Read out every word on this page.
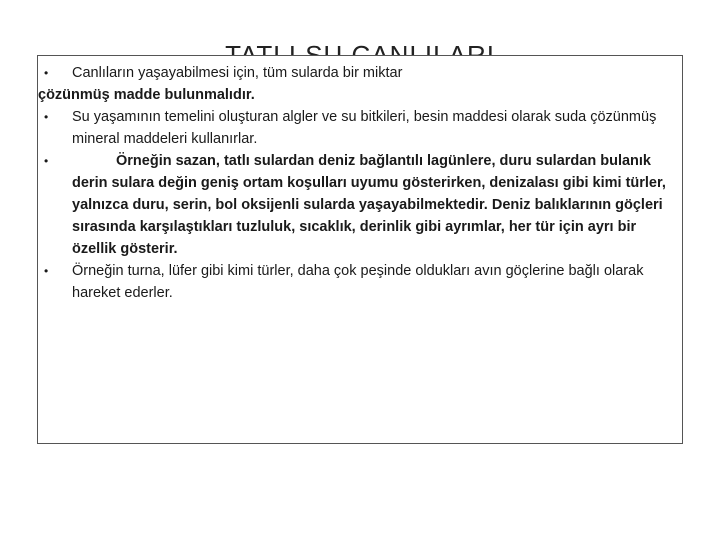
• Canlıların yaşayabilmesi için, tüm sularda bir miktar
çözünmüş madde bulunmalıdır.
• Su yaşamının temelini oluşturan algler ve su bitkileri, besin maddesi olarak suda çözünmüş mineral maddeleri kullanırlar.
•	Örneğin sazan, tatlı sulardan deniz bağlantılı lagünlere, duru sulardan bulanık derin sulara değin geniş ortam koşulları uyumu gösterirken, denizalası gibi kimi türler, yalnızca duru, serin, bol oksijenli sularda yaşayabilmektedir. Deniz balıklarının göçleri sırasında karşılaştıkları tuzluluk, sıcaklık, derinlik gibi ayrımlar, her tür için ayrı bir özellik gösterir.
• Örneğin turna, lüfer gibi kimi türler, daha çok peşinde oldukları avın göçlerine bağlı olarak hareket ederler.
